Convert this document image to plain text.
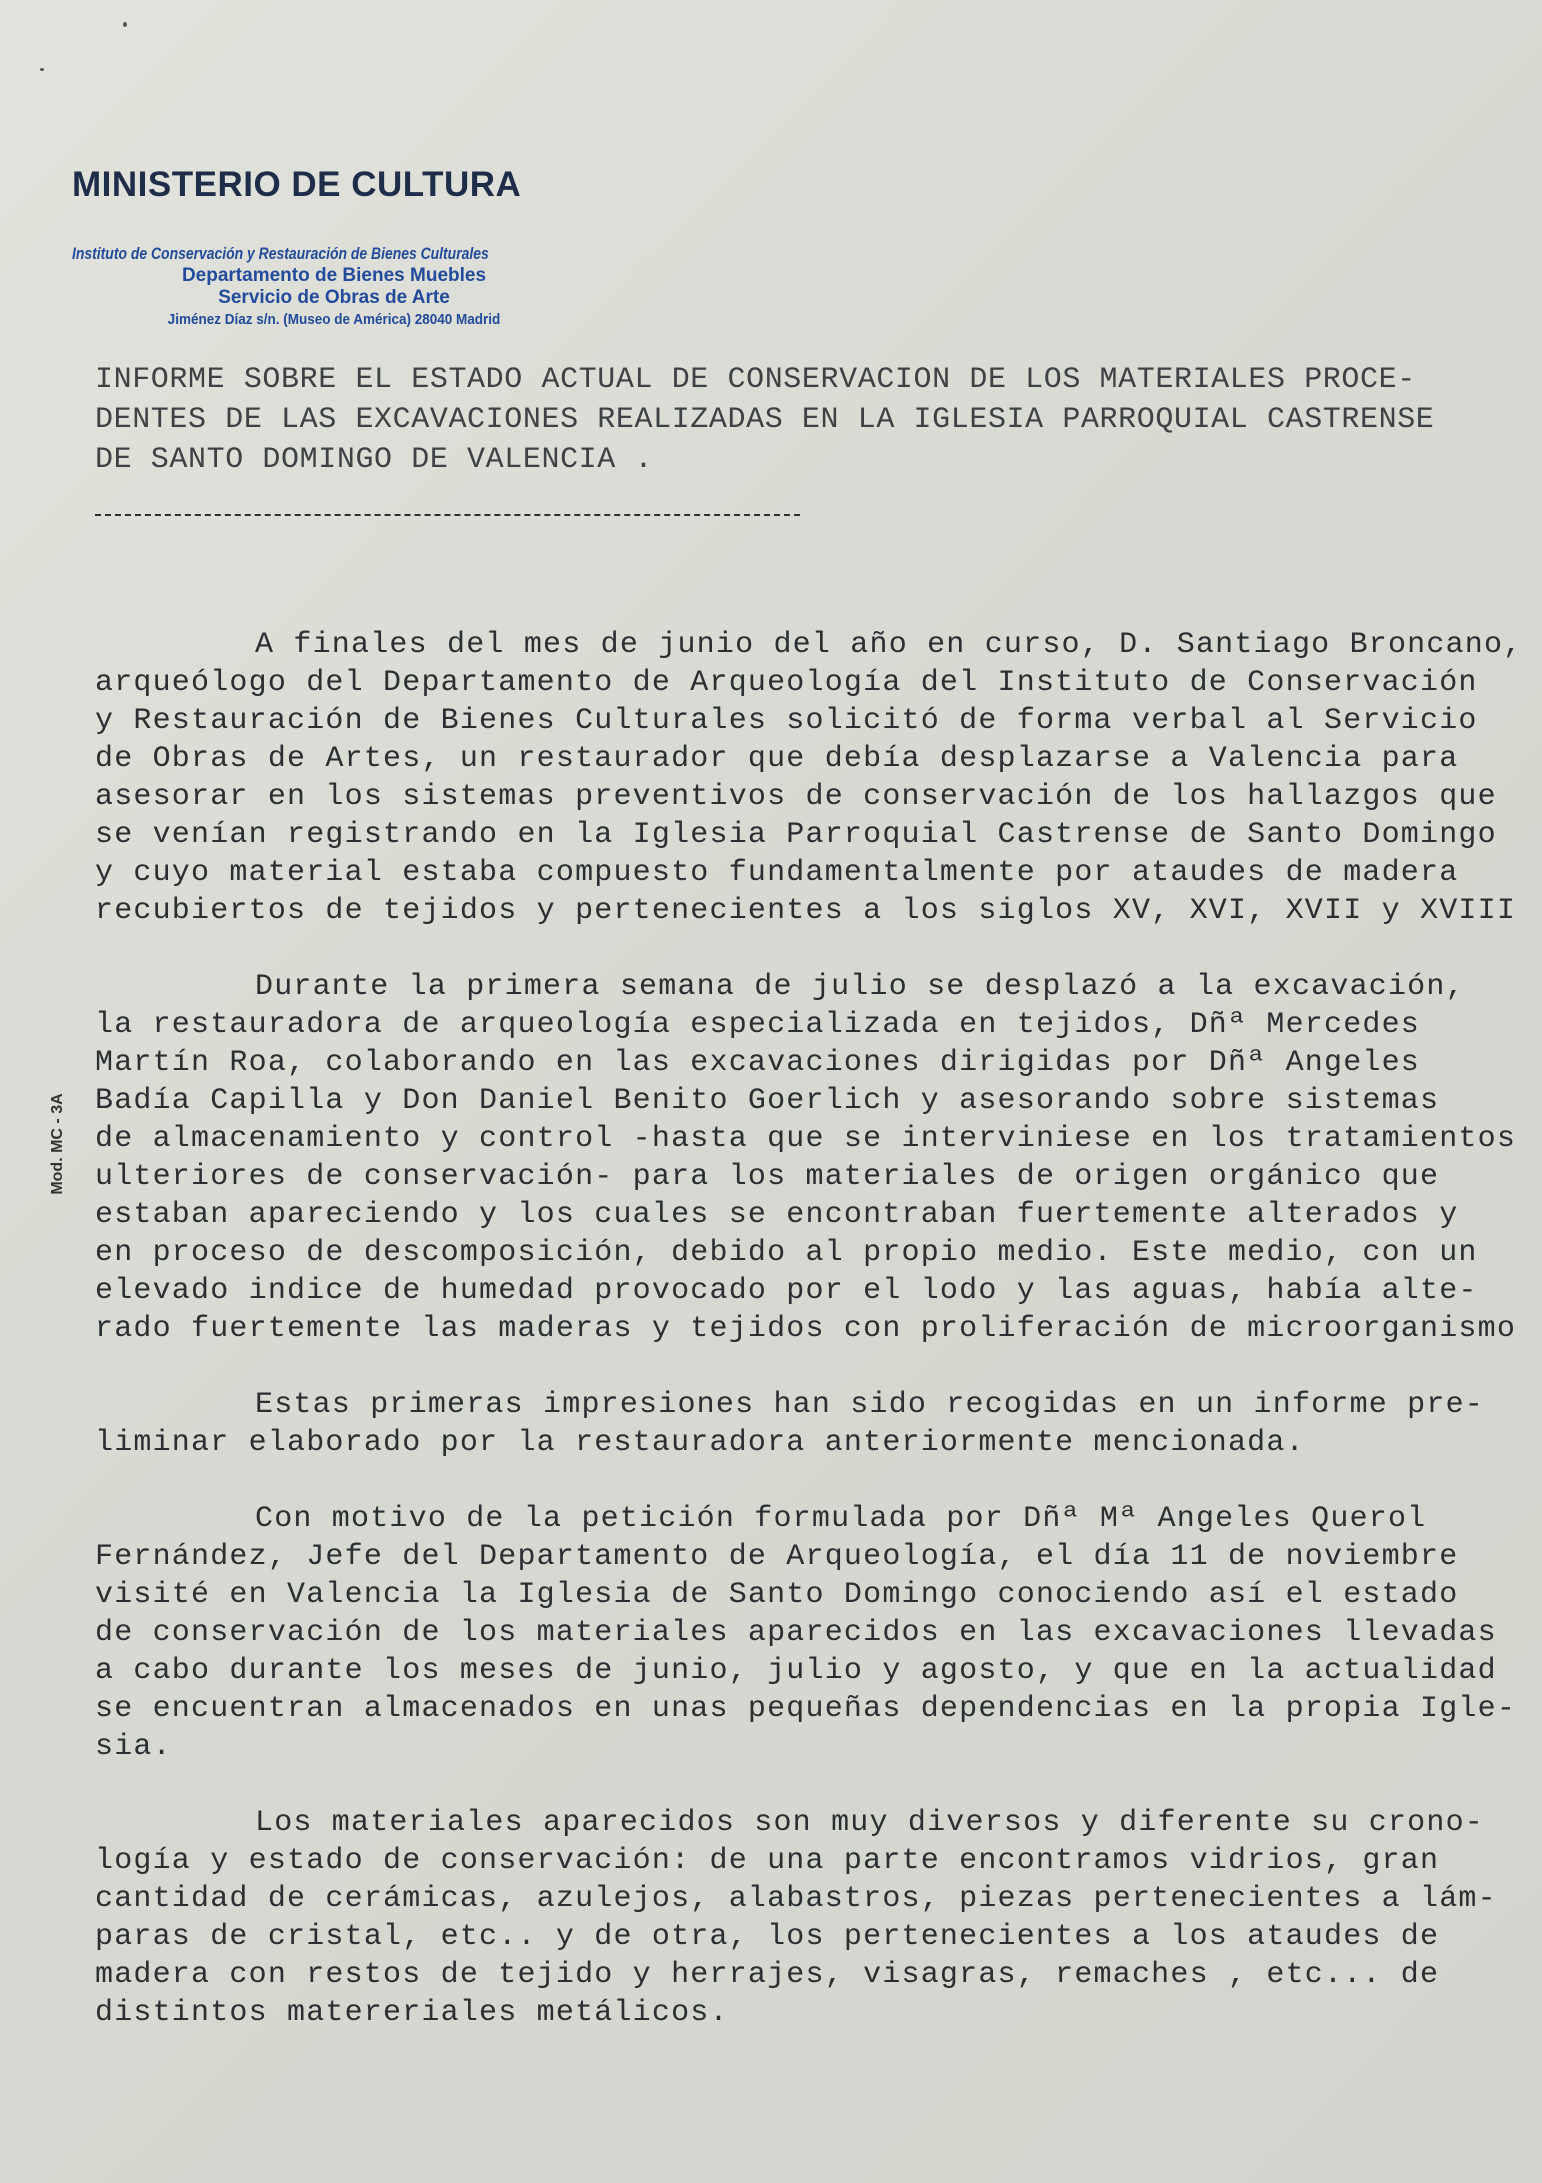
MINISTERIO DE CULTURA
Instituto de Conservación y Restauración de Bienes Culturales
Departamento de Bienes Muebles
Servicio de Obras de Arte
Jiménez Díaz s/n. (Museo de América) 28040 Madrid
Mod. MC - 3A
INFORME SOBRE EL ESTADO ACTUAL DE CONSERVACION DE LOS MATERIALES PROCE-
DENTES DE LAS EXCAVACIONES REALIZADAS EN LA IGLESIA PARROQUIAL CASTRENSE
DE SANTO DOMINGO DE VALENCIA .
A finales del mes de junio del año en curso, D. Santiago Broncano,
arqueólogo del Departamento de Arqueología del Instituto de Conservación
y Restauración de Bienes Culturales solicitó de forma verbal al Servicio
de Obras de Artes, un restaurador que debía desplazarse a Valencia para
asesorar en los sistemas preventivos de conservación de los hallazgos que
se venían registrando en la Iglesia Parroquial Castrense de Santo Domingo
y cuyo material estaba compuesto fundamentalmente por ataudes de madera
recubiertos de tejidos y pertenecientes a los siglos XV, XVI, XVII y XVIII
Durante la primera semana de julio se desplazó a la excavación,
la restauradora de arqueología especializada en tejidos, Dñª Mercedes
Martín Roa, colaborando en las excavaciones dirigidas por Dñª Angeles
Badía Capilla y Don Daniel Benito Goerlich y asesorando sobre sistemas
de almacenamiento y control -hasta que se interviniese en los tratamientos
ulteriores de conservación- para los materiales de origen orgánico que
estaban apareciendo y los cuales se encontraban fuertemente alterados y
en proceso de descomposición, debido al propio medio. Este medio, con un
elevado indice de humedad provocado por el lodo y las aguas, había alte-
rado fuertemente las maderas y tejidos con proliferación de microorganismo
Estas primeras impresiones han sido recogidas en un informe pre-
liminar elaborado por la restauradora anteriormente mencionada.
Con motivo de la petición formulada por Dñª Mª Angeles Querol
Fernández, Jefe del Departamento de Arqueología, el día 11 de noviembre
visité en Valencia la Iglesia de Santo Domingo conociendo así el estado
de conservación de los materiales aparecidos en las excavaciones llevadas
a cabo durante los meses de junio, julio y agosto, y que en la actualidad
se encuentran almacenados en unas pequeñas dependencias en la propia Igle-
sia.
Los materiales aparecidos son muy diversos y diferente su crono-
logía y estado de conservación: de una parte encontramos vidrios, gran
cantidad de cerámicas, azulejos, alabastros, piezas pertenecientes a lám-
paras de cristal, etc.. y de otra, los pertenecientes a los ataudes de
madera con restos de tejido y herrajes, visagras, remaches , etc... de
distintos matereriales metálicos.
